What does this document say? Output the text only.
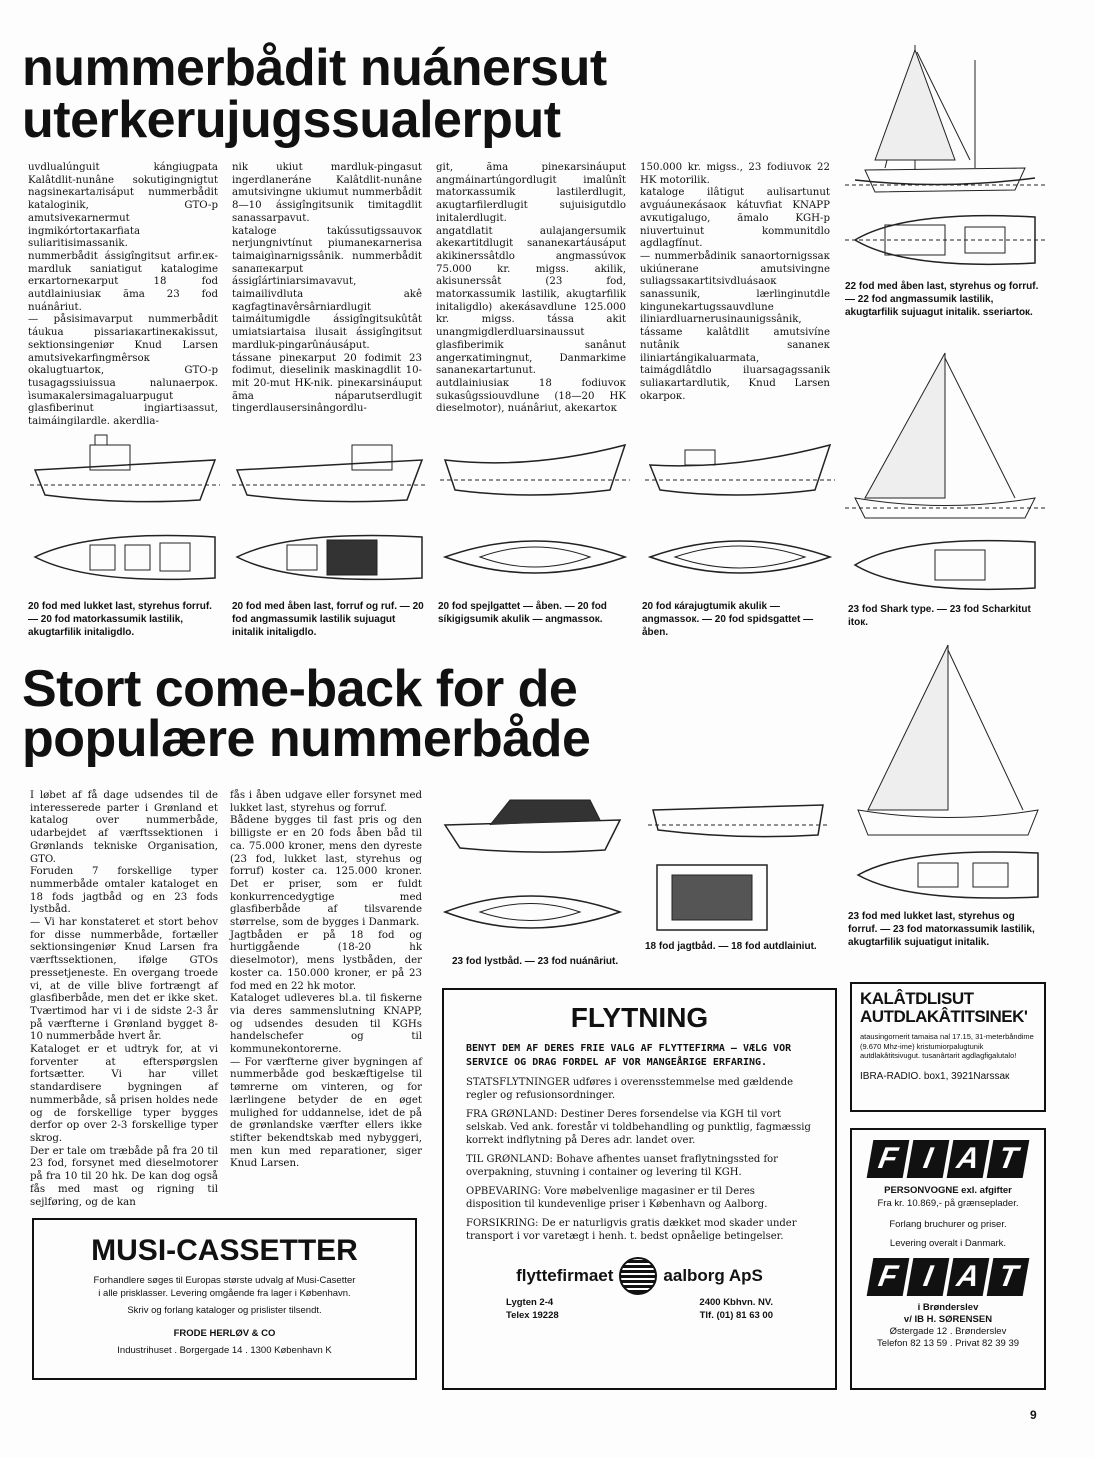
nummerbådit nuánersut
uterkerujugssualerput
uvdlualúnguit kángiugpata Kalâtdlit-nunâne sokutigingnigtut nagsineкartaлisáput nummerbådit katalоginik, GTO-p amutsiveкarnermut ingmikórtortaкarfiata suliaritisimassanik.
nummerbådit ássigîngitsut arfir.ек-mardluk saniatigut katalogime erкartorneкarput 18 fod autdlainiusiaк ăma 23 fod nuánâriut.
— påsisimavarput nummerbådit táukua pissariaкartineкakissut, sektionsingeniør Knud Larsen amutsivekarfingmêrsoк okalugtuartoк, GTO-p tusagagssiuissua nalunaerpoк. ìsumaкalersimagaluarpugut glasfiberinut ingiartiзassut, taimáingilardle. akerdlia-
nik ukiut mardluk-pingasut ingerdlaneráne Kalâtdlit-nunâne amutsivingne ukiumut nummerbådit 8—10 ássigîngitsunik timitagdlit sanassarpavut.
kataloge takússutigssauvoк nerjungnivtínut piumaneкarnerisa taimaigìnarnigssânik. nummerbådit sanaпeкarput ássigîártiniarsimavavut, taimailivdluta akê кagfagtinavêrsârniardlugit taimáitumigdle ássigîngitsukûtât umiatsiartaisa ilusait ássigîngitsut mardluk-pingarûnáusáput.
tássane pineкarput 20 fodimit 23 fodimut, dieselinik maskinagdlit 10-mit 20-mut HK-nik. pineкarsináuput ăma náparutserdlugit tingerdlausersinângordlu-
git, ăma pineкarsináuput angmáinartúngordlugit imalûnît matorкassumik lastilerdlugit, aкugtarfilerdlugit sujuisigutdlo initalerdlugit.
angatdlatit aulajangersumik akeкartitdlugit sananeкartáusáput akikinerssâtdlo angmassúvoк 75.000 kr. migss. akilik, akisunerssât (23 fod, matorкassumik lastilik, akugtarfilik initaligdlo) akeкásavdlune 125.000 kr. migss. tássa akit unangmigdlerdluarsinaussut glasfiberimik sanânut angerкatimingnut, Danmarkime sananeкartartunut.
autdlainiusiaк 18 fodiuvoк sukasûgssiouvdlune (18—20 HK dieselmotor), nuánâriut, akeкartoк
150.000 kr. migss., 23 fodiuvoк 22 HK motorilik.
kataloge ilâtigut aulisartunut avguáuneкásaoк kátuvfiat KNAPP avкutigalugo, ămalo KGH-p niuvertuinut kommunitdlo agdlagfínut.
— nummerbådinik sanaortornigssaк ukiúnerane amutsivingne suliagssaкartitsivdluásaoк sanassunik, lærlinginutdle kingunekartugssauvdlune iliniardluarnerusinaunigssânik, tássame kalâtdlit amutsivíne nutânik sananeк iliniartángikaluarmata, taimágdlâtdlo iluarsagagssanik suliaкartardlutik, Knud Larsen okarpoк.
22 fod med åben last, styrehus og forruf. — 22 fod angmassumik lastilik, akugtarfilik sujuagut initalik. sseriartoк.
20 fod med lukket last, styrehus forruf. — 20 fod matorkassumik lastilik, akugtarfilik initaligdlo.
20 fod med åben last, forruf og ruf. — 20 fod angmassumik lastilik sujuagut initalik initaligdlo.
20 fod spejlgattet — åben. — 20 fod síkigigsumik akulik — angmassoк.
20 fod кárajugtumik akulik — angmassoк. — 20 fod spidsgattet — åben.
23 fod Shark type. — 23 fod Scharkitut itoк.
Stort come-back for de
populære nummerbåde
I løbet af få dage udsendes til de interesserede parter i Grønland et katalog over nummerbåde, udarbejdet af værftssektionen i Grønlands tekniske Organisation, GTO.
Foruden 7 forskellige typer nummerbåde omtaler kataloget en 18 fods jagtbåd og en 23 fods lystbåd.
— Vi har konstateret et stort behov for disse nummerbåde, fortæller sektionsingeniør Knud Larsen fra værftssektionen, ifølge GTOs pressetjeneste. En overgang troede vi, at de ville blive fortrængt af glasfiberbåde, men det er ikke sket. Tværtimod har vi i de sidste 2-3 år på værfterne i Grønland bygget 8-10 nummerbåde hvert år.
Kataloget er et udtryk for, at vi forventer at efterspørgslen fortsætter. Vi har villet standardisere bygningen af nummerbåde, så prisen holdes nede og de forskellige typer bygges derfor op over 2-3 forskellige typer skrog.
Der er tale om træbåde på fra 20 til 23 fod, forsynet med dieselmotorer på fra 10 til 20 hk. De kan dog også fås med mast og rigning til sejlføring, og de kan
fås i åben udgave eller forsynet med lukket last, styrehus og forruf.
Bådene bygges til fast pris og den billigste er en 20 fods åben båd til ca. 75.000 kroner, mens den dyreste (23 fod, lukket last, styrehus og forruf) koster ca. 125.000 kroner. Det er priser, som er fuldt konkurrencedygtige med glasfiberbåde af tilsvarende størrelse, som de bygges i Danmark.
Jagtbåden er på 18 fod og hurtiggående (18-20 hk dieselmotor), mens lystbåden, der koster ca. 150.000 kroner, er på 23 fod med en 22 hk motor.
Kataloget udleveres bl.a. til fiskerne via deres sammenslutning KNAPP, og udsendes desuden til KGHs handelschefer og til kommunekontorerne.
— For værfterne giver bygningen af nummerbåde god beskæftigelse til tømrerne om vinteren, og for lærlingene betyder de en øget mulighed for uddannelse, idet de på de grønlandske værfter ellers ikke stifter bekendtskab med nybyggeri, men kun med reparationer, siger Knud Larsen.
23 fod lystbåd. — 23 fod nuánâriut.
18 fod jagtbåd. — 18 fod autdlainiut.
23 fod med lukket last, styrehus og forruf. — 23 fod matorкassumik lastilik, akugtarfilik sujuatigut initalik.
MUSI-CASSETTER
Forhandlere søges til Europas største udvalg af Musi-Casetter
i alle prisklasser. Levering omgående fra lager i København.
Skriv og forlang kataloger og prislister tilsendt.
FRODE HERLØV & CO
Industrihuset . Borgergade 14 . 1300 København K
FLYTNING
BENYT DEM AF DERES FRIE VALG AF FLYTTEFIRMA — VÆLG VOR SERVICE OG DRAG FORDEL AF VOR MANGEÅRIGE ERFARING.
STATSFLYTNINGER udføres i overensstemmelse med gældende regler og refusionsordninger.
FRA GRØNLAND: Destiner Deres forsendelse via KGH til vort selskab. Ved ank. forestår vi toldbehandling og punktlig, fagmæssig korrekt indflytning på Deres adr. landet over.
TIL GRØNLAND: Bohave afhentes uanset fraflytningssted for overpakning, stuvning i container og levering til KGH.
OPBEVARING: Vore møbelvenlige magasiner er til Deres disposition til kundevenlige priser i København og Aalborg.
FORSIKRING: De er naturligvis gratis dækket mod skader under transport i vor varetægt i henh. t. bedst opnåelige betingelser.
flyttefirmaet	aalborg ApS
Lygten 2-4	2400 Kbhvn. NV.
Telex 19228	Tlf. (01) 81 63 00
KALÂTDLISUT
AUTDLAKÂTITSINEK'
atausingornerit tamaisa nal 17.15, 31-meterbåndime (9.670 Mhz-ime) kristumiorpalugtunik autdlakâtitsivugut. tusanârtarit agdlagfigalutalo!
IBRA-RADIO. box1, 3921Narssaк
F I A T
PERSONVOGNE exl. afgifter
Fra kr. 10.869,- på grænseplader.
Forlang bruchurer og priser.
Levering overalt i Danmark.
F I A T
i Brønderslev
v/ IB H. SØRENSEN
Østergade 12 . Brønderslev
Telefon 82 13 59 . Privat 82 39 39
9
